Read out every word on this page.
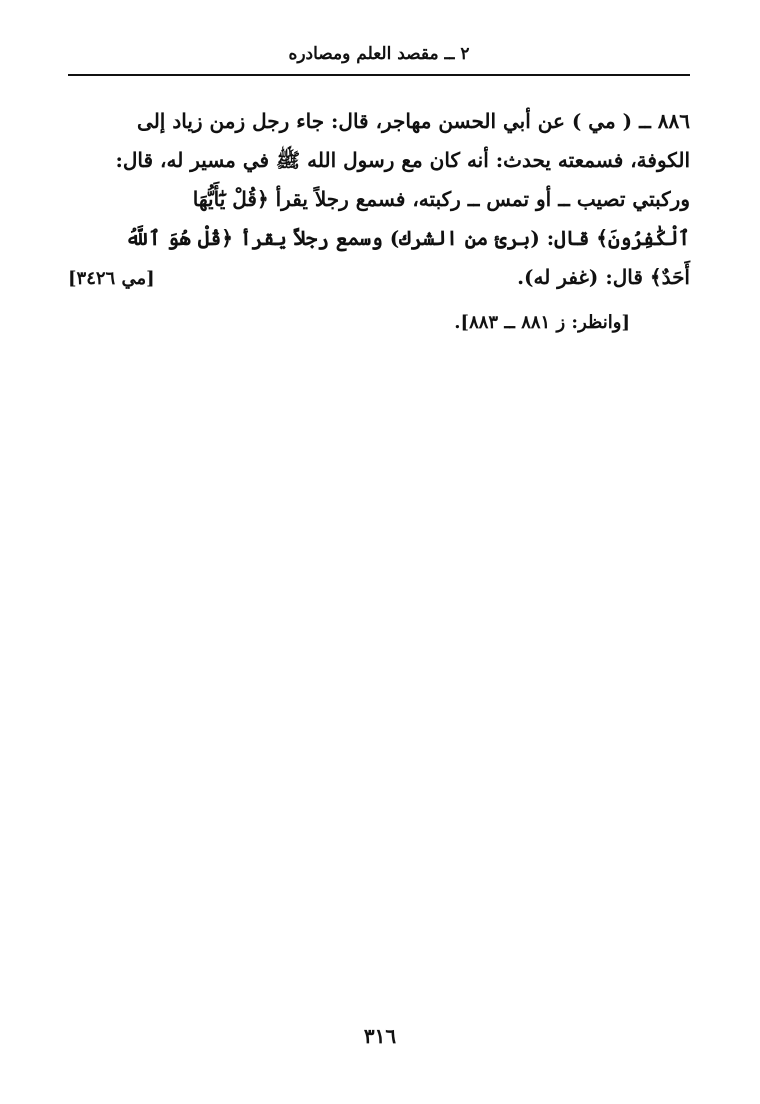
٢ ــ مقصد العلم ومصادره
٨٨٦ ــ ( مي ) عن أبي الحسن مهاجر، قال: جاء رجل زمن زياد إلى
الكوفة، فسمعته يحدث: أنه كان مع رسول الله ﷺ في مسير له، قال:
وركبتي تصيب ــ أو تمس ــ ركبته، فسمع رجلاً يقرأ ﴿قُلْ يَٰٓأَيُّهَا
ٱلْكَٰفِرُونَ﴾ قال: (برئ من الشرك) وسمع رجلاً يقرأ ﴿قُلْ هُوَ ٱللَّهُ
أَحَدٌ﴾ قال: (غفر له).
[مي ٣٤٢٦]
[وانظر: ز ٨٨١ ــ ٨٨٣].
٣١٦
